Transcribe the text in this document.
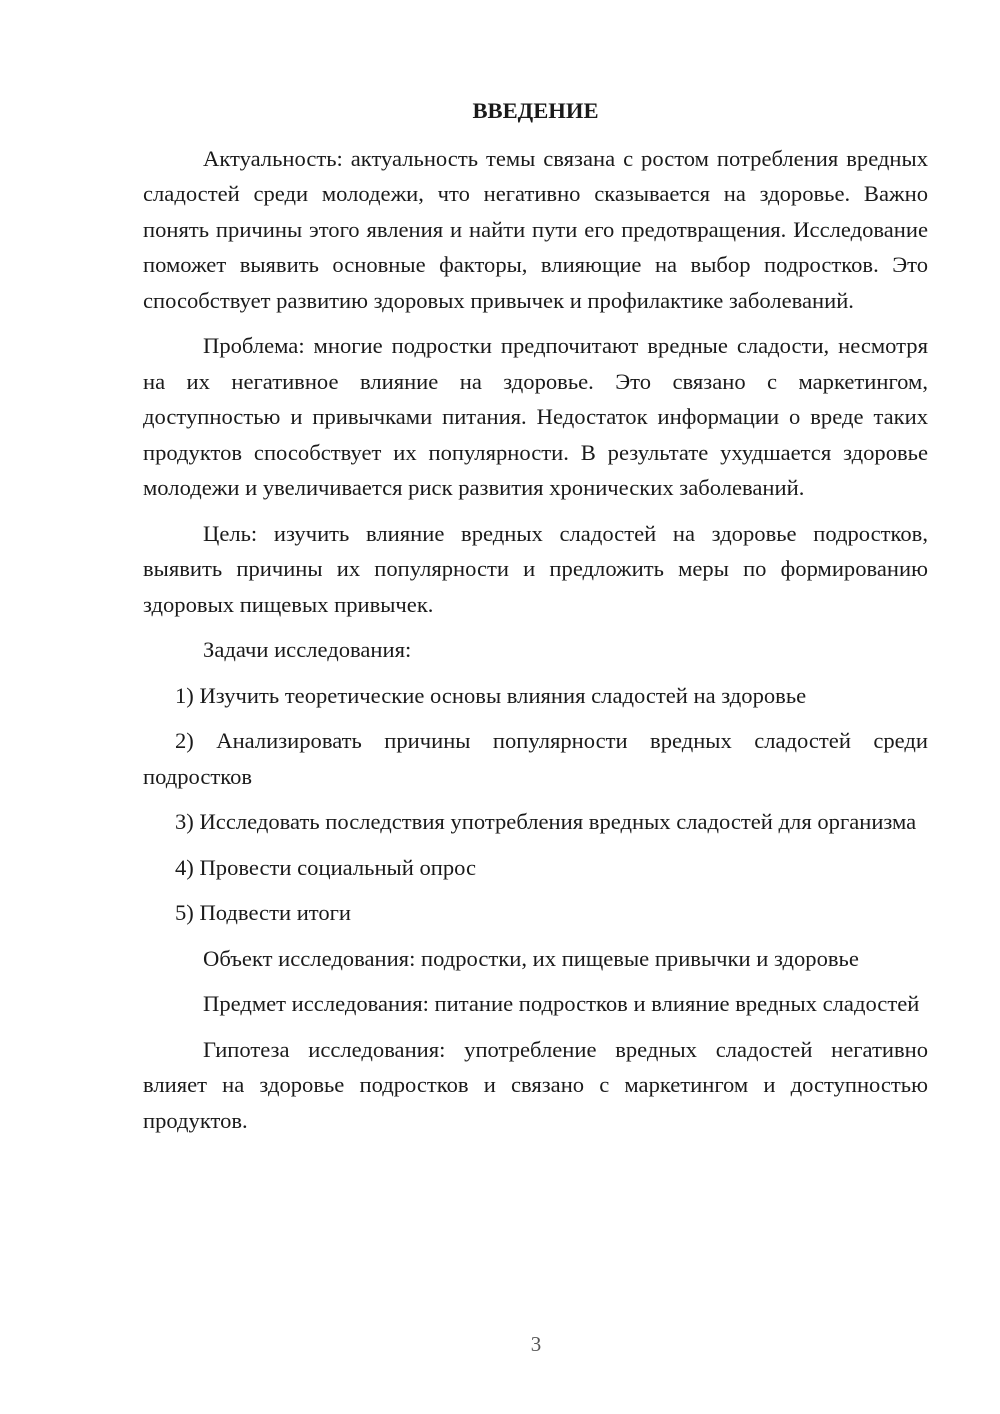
ВВЕДЕНИЕ

Актуальность: актуальность темы связана с ростом потребления вредных сладостей среди молодежи, что негативно сказывается на здоровье. Важно понять причины этого явления и найти пути его предотвращения. Исследование поможет выявить основные факторы, влияющие на выбор подростков. Это способствует развитию здоровых привычек и профилактике заболеваний.

Проблема: многие подростки предпочитают вредные сладости, несмотря на их негативное влияние на здоровье. Это связано с маркетингом, доступностью и привычками питания. Недостаток информации о вреде таких продуктов способствует их популярности. В результате ухудшается здоровье молодежи и увеличивается риск развития хронических заболеваний.

Цель: изучить влияние вредных сладостей на здоровье подростков, выявить причины их популярности и предложить меры по формированию здоровых пищевых привычек.

Задачи исследования:

1) Изучить теоретические основы влияния сладостей на здоровье

2) Анализировать причины популярности вредных сладостей среди подростков

3) Исследовать последствия употребления вредных сладостей для организма

4) Провести социальный опрос

5) Подвести итоги

Объект исследования: подростки, их пищевые привычки и здоровье

Предмет исследования: питание подростков и влияние вредных сладостей

Гипотеза исследования: употребление вредных сладостей негативно влияет на здоровье подростков и связано с маркетингом и доступностью продуктов.

3
